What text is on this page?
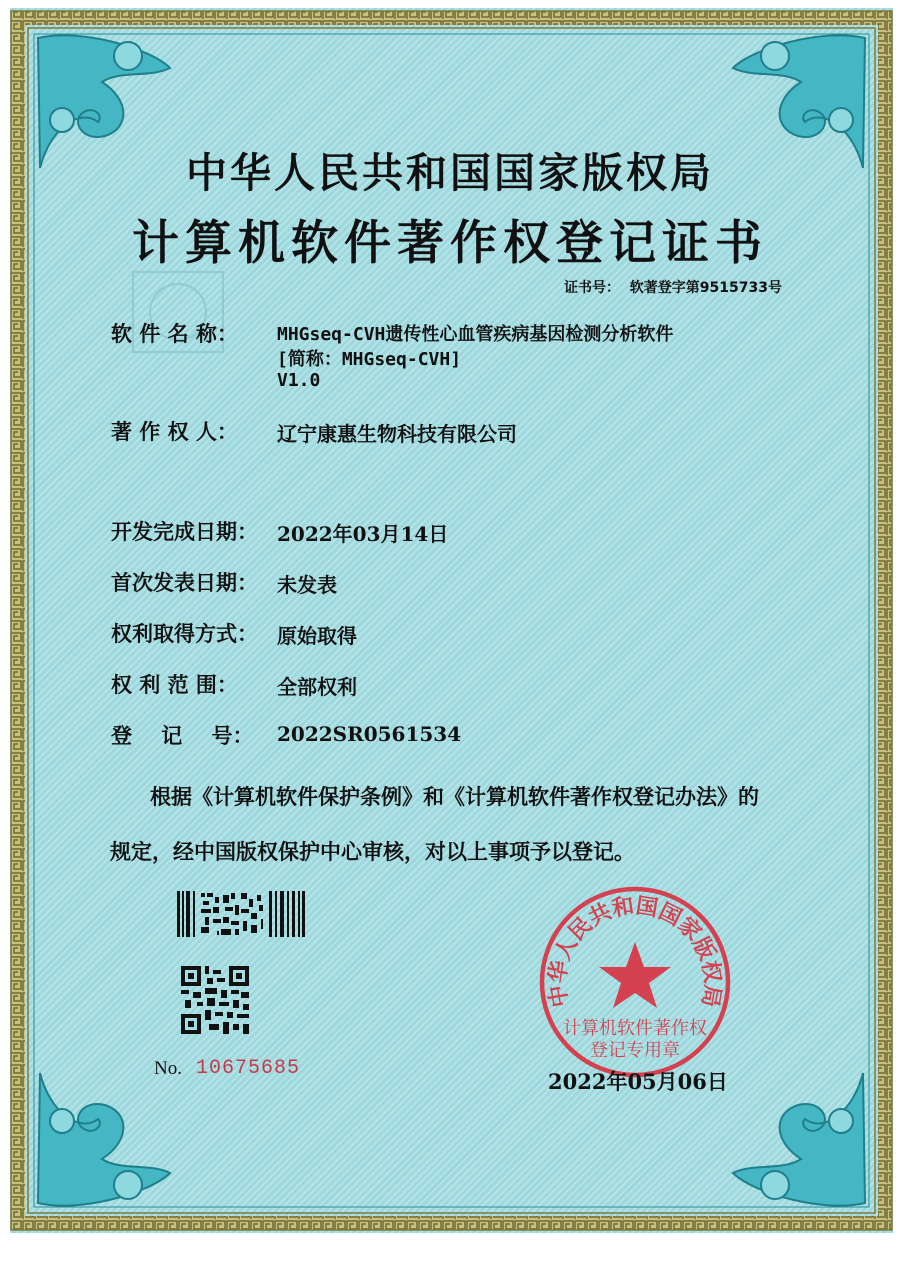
中华人民共和国国家版权局
计算机软件著作权登记证书
证书号： 软著登字第9515733号
软 件 名 称： MHGseq-CVH遗传性心血管疾病基因检测分析软件
[简称：MHGseq-CVH]
V1.0
著 作 权 人： 辽宁康惠生物科技有限公司
开发完成日期： 2022年03月14日
首次发表日期： 未发表
权利取得方式： 原始取得
权 利 范 围： 全部权利
登    记    号： 2022SR0561534
根据《计算机软件保护条例》和《计算机软件著作权登记办法》的
规定，经中国版权保护中心审核，对以上事项予以登记。
No. 10675685
中华人民共和国国家版权局
计算机软件著作权
登记专用章
2022年05月06日
